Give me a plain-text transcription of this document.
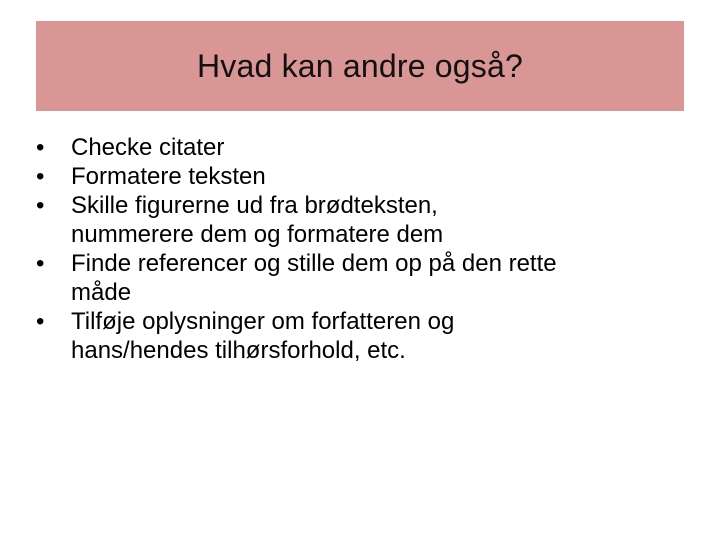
Hvad kan andre også?
•	Checke citater
•	Formatere teksten
•	Skille figurerne ud fra brødteksten,
nummerere dem og formatere dem
•	Finde referencer og stille dem op på den rette
måde
•	Tilføje oplysninger om forfatteren og
hans/hendes tilhørsforhold, etc.
